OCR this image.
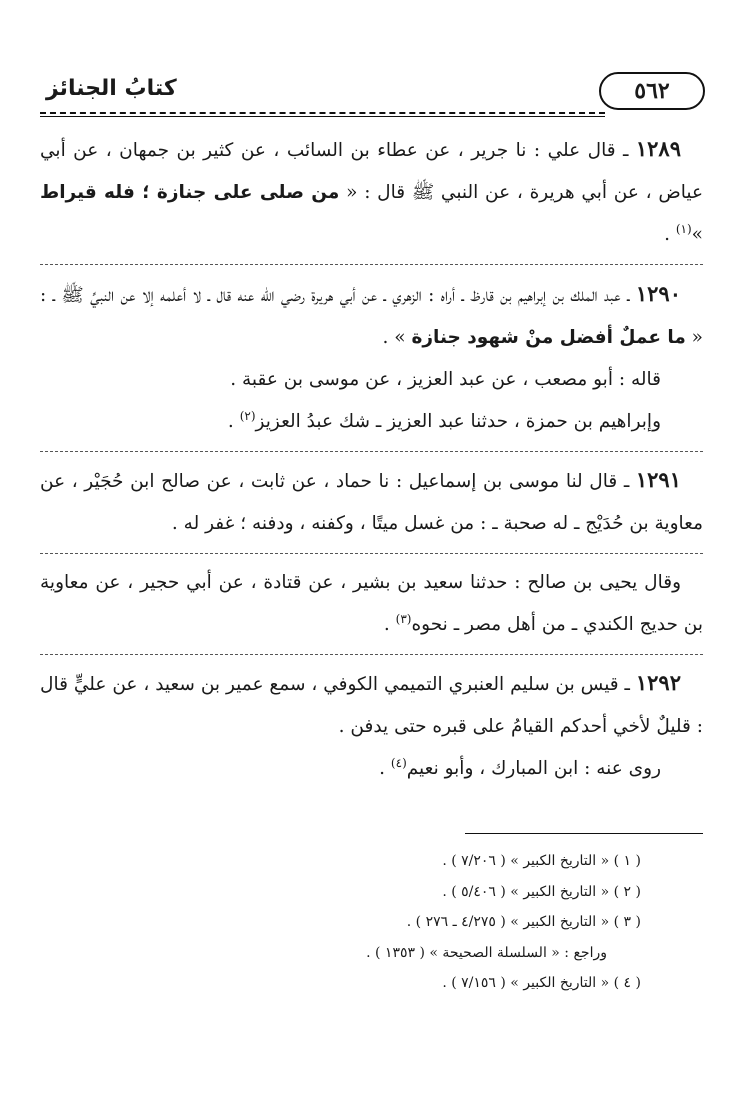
٥٦٢
كتابُ الجنائز

١٢٨٩ ـ قال علي : نا جرير ، عن عطاء بن السائب ، عن كثير بن جمهان ، عن أبي عياض ، عن أبي هريرة ، عن النبي ﷺ قال : « من صلى على جنازة ؛ فله قيراط »$^{(١)}$ .

١٢٩٠ ـ عبد الملك بن إبراهيم بن قارظ ـ أراه : الزهري ـ عن أبي هريرة رضي الله عنه قال ـ لا أعلمه إلا عن النبيِّ ﷺ ـ : « ما عملٌ أفضل منْ شهود جنازة » .

قاله : أبو مصعب ، عن عبد العزيز ، عن موسى بن عقبة .

وإبراهيم بن حمزة ، حدثنا عبد العزيز ـ شك عبدُ العزيز$^{(٢)}$ .

١٢٩١ ـ قال لنا موسى بن إسماعيل : نا حماد ، عن ثابت ، عن صالح ابن حُجَيْر ، عن معاوية بن حُدَيْج ـ له صحبة ـ : من غسل ميتًا ، وكفنه ، ودفنه ؛ غفر له .

وقال يحيى بن صالح : حدثنا سعيد بن بشير ، عن قتادة ، عن أبي حجير ، عن معاوية بن حديج الكندي ـ من أهل مصر ـ نحوه$^{(٣)}$ .

١٢٩٢ ـ قيس بن سليم العنبري التميمي الكوفي ، سمع عمير بن سعيد ، عن عليٍّ قال : قليلٌ لأخي أحدكم القيامُ على قبره حتى يدفن .

روى عنه : ابن المبارك ، وأبو نعيم$^{(٤)}$ .

( ١ ) « التاريخ الكبير » ( ٧/٢٠٦ ) .

( ٢ ) « التاريخ الكبير » ( ٥/٤٠٦ ) .

( ٣ ) « التاريخ الكبير » ( ٤/٢٧٥ ـ ٢٧٦ ) .

وراجع : « السلسلة الصحيحة » ( ١٣٥٣ ) .

( ٤ ) « التاريخ الكبير » ( ٧/١٥٦ ) .
